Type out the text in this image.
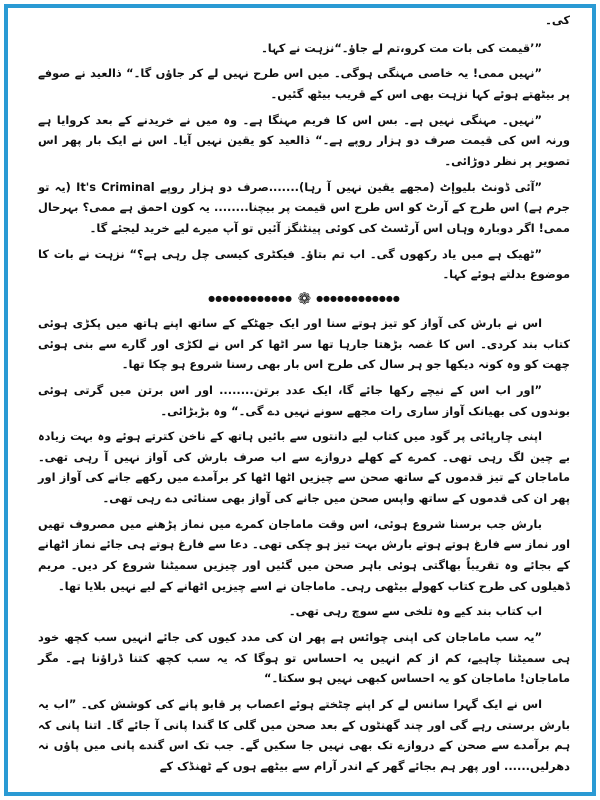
کی۔

”’قیمت کی بات مت کرو،تم لے جاؤ۔“نزہت نے کہا۔

”نہیں ممی! یہ خاصی مہنگی ہوگی۔ میں اس طرح نہیں لے کر جاؤں گا۔“ ذالعید نے صوفے پر بیٹھتے ہوئے کہا نزہت بھی اس کے قریب بیٹھ گئیں۔

”نہیں۔ مہنگی نہیں ہے۔ بس اس کا فریم مہنگا ہے۔ وہ میں نے خریدنے کے بعد کروایا ہے ورنہ اس کی قیمت صرف دو ہزار روپے ہے۔“ ذالعید کو یقین نہیں آیا۔ اس نے ایک بار پھر اس تصویر پر نظر دوڑائی۔

”آئی ڈونٹ بلیوإٹ (مجھے یقین نہیں آ رہا).......صرف دو ہزار روپے It's Criminal (یہ تو جرم ہے) اس طرح کے آرٹ کو اس طرح اس قیمت پر بیچنا........ یہ کون احمق ہے ممی؟ بہرحال ممی! اگر دوبارہ وہاں اس آرٹسٹ کی کوئی پینٹنگز آئیں تو آپ میرے لیے خرید لیجئے گا۔

”ٹھیک ہے میں یاد رکھوں گی۔ اب تم بتاؤ۔ فیکٹری کیسی چل رہی ہے؟“ نزہت نے بات کا موضوع بدلتے ہوئے کہا۔

●●●●●●●●●●●● ❁ ●●●●●●●●●●●●

اس نے بارش کی آواز کو تیز ہوتے سنا اور ایک جھٹکے کے ساتھ اپنے ہاتھ میں پکڑی ہوئی کتاب بند کردی۔ اس کا غصہ بڑھتا جارہا تھا سر اٹھا کر اس نے لکڑی اور گارے سے بنی ہوئی چھت کو وہ کونہ دیکھا جو ہر سال کی طرح اس بار بھی رسنا شروع ہو چکا تھا۔

”اور اب اس کے نیچے رکھا جائے گا، ایک عدد برتن........ اور اس برتن میں گرتی ہوئی بوندوں کی بھیانک آواز ساری رات مجھے سونے نہیں دے گی۔“ وہ بڑبڑائی۔

اپنی چارپائی پر گود میں کتاب لیے دانتوں سے بائیں ہاتھ کے ناخن کترتے ہوئے وہ بہت زیادہ بے چین لگ رہی تھی۔ کمرے کے کھلے دروازے سے اب صرف بارش کی آواز نہیں آ رہی تھی۔ ماماجان کے تیز قدموں کے ساتھ صحن سے چیزیں اٹھا اٹھا کر برآمدے میں رکھے جانے کی آواز اور پھر ان کی قدموں کے ساتھ واپس صحن میں جانے کی آواز بھی سنائی دے رہی تھی۔

بارش جب برسنا شروع ہوئی، اس وقت ماماجان کمرے میں نماز پڑھنے میں مصروف تھیں اور نماز سے فارغ ہوتے ہوتے بارش بہت تیز ہو چکی تھی۔ دعا سے فارغ ہوتے ہی جائے نماز اٹھانے کے بجائے وہ تقریباً بھاگتی ہوئی باہر صحن میں گئیں اور چیزیں سمیٹنا شروع کر دیں۔ مریم ڈھیلوں کی طرح کتاب کھولے بیٹھی رہی۔ ماماجان نے اسے چیزیں اٹھانے کے لیے نہیں بلایا تھا۔

اب کتاب بند کیے وہ تلخی سے سوچ رہی تھی۔

”یہ سب ماماجان کی اپنی چوائس ہے پھر ان کی مدد کیوں کی جائے انہیں سب کچھ خود ہی سمیٹنا چاہیے، کم از کم انہیں یہ احساس تو ہوگا کہ یہ سب کچھ کتنا ڈراؤنا ہے۔ مگر ماماجان! ماماجان کو یہ احساس کبھی نہیں ہو سکتا۔“

اس نے ایک گہرا سانس لے کر اپنے چٹختے ہوئے اعصاب پر قابو پانے کی کوشش کی۔ ”اب یہ بارش برستی رہے گی اور چند گھنٹوں کے بعد صحن میں گلی کا گندا پانی آ جائے گا۔ اتنا پانی کہ ہم برآمدے سے صحن کے دروازے تک بھی نہیں جا سکیں گے۔ جب تک اس گندے پانی میں پاؤں نہ دھرلیں...... اور پھر ہم بجائے گھر کے اندر آرام سے بیٹھے ہوں کے ٹھنڈک کے
